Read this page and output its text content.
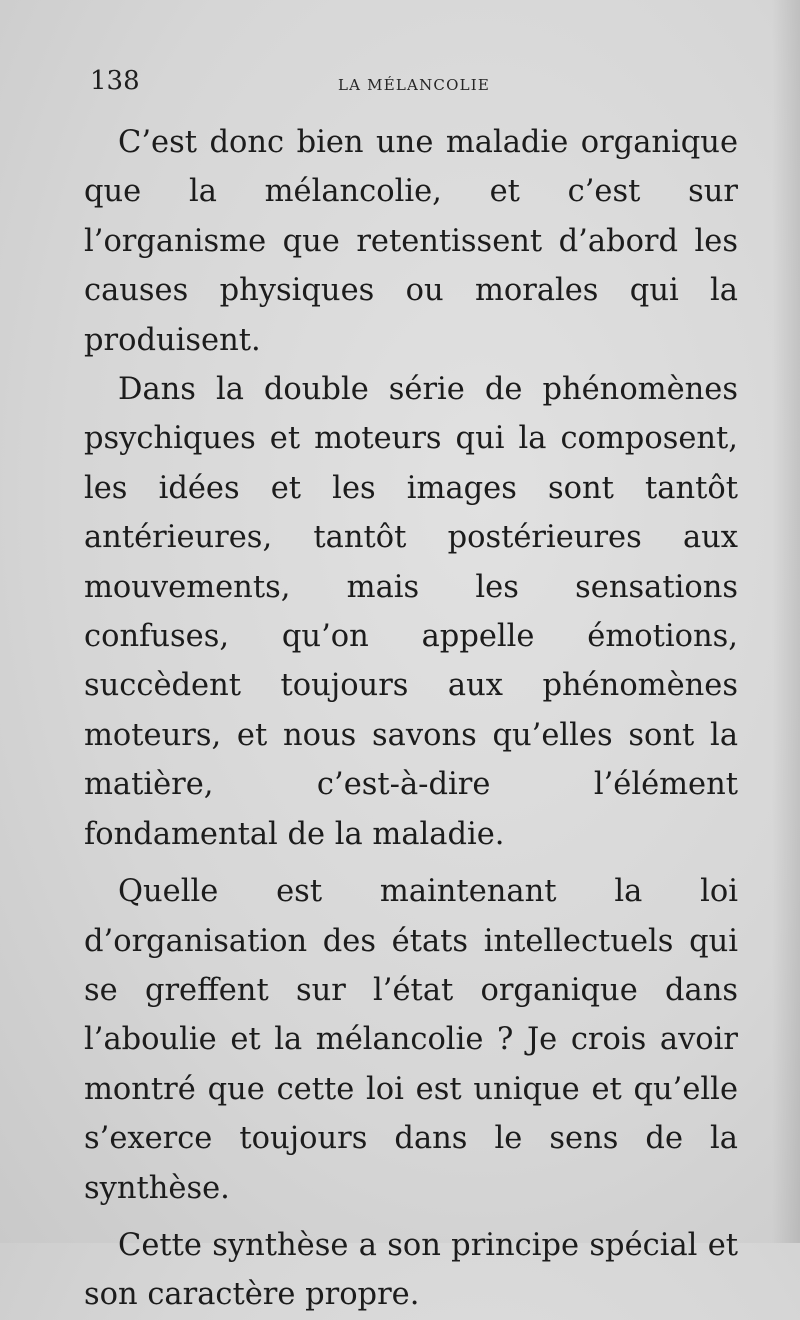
138	LA MÉLANCOLIE

C’est donc bien une maladie organique que la mélancolie, et c’est sur l’organisme que retentissent d’abord les causes physiques ou morales qui la produisent.

Dans la double série de phénomènes psychiques et moteurs qui la composent, les idées et les images sont tantôt antérieures, tantôt postérieures aux mouvements, mais les sensations confuses, qu’on appelle émotions, succèdent toujours aux phénomènes moteurs, et nous savons qu’elles sont la matière, c’est-à-dire l’élément fondamental de la maladie.

Quelle est maintenant la loi d’organisation des états intellectuels qui se greffent sur l’état organique dans l’aboulie et la mélancolie ? Je crois avoir montré que cette loi est unique et qu’elle s’exerce toujours dans le sens de la synthèse.

Cette synthèse a son principe spécial et son caractère propre.
